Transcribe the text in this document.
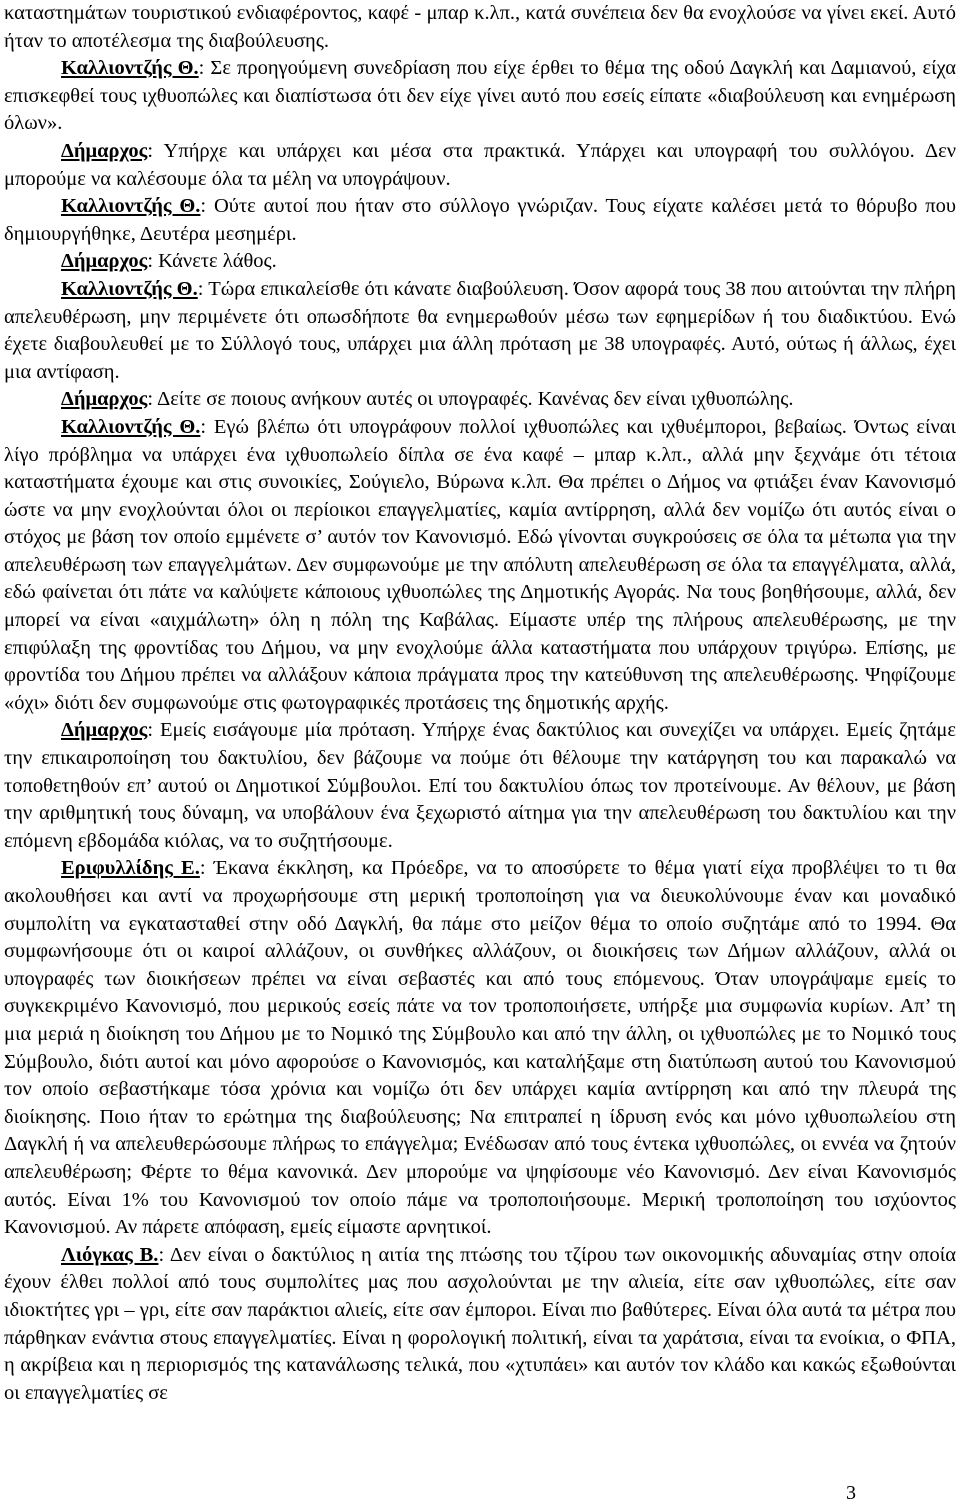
καταστημάτων τουριστικού ενδιαφέροντος, καφέ - μπαρ κ.λπ., κατά συνέπεια δεν θα ενοχλούσε να γίνει εκεί. Αυτό ήταν το αποτέλεσμα της διαβούλευσης.

Καλλιοντζής Θ.: Σε προηγούμενη συνεδρίαση που είχε έρθει το θέμα της οδού Δαγκλή και Δαμιανού, είχα επισκεφθεί τους ιχθυοπώλες και διαπίστωσα ότι δεν είχε γίνει αυτό που εσείς είπατε «διαβούλευση και ενημέρωση όλων».

Δήμαρχος: Υπήρχε και υπάρχει και μέσα στα πρακτικά. Υπάρχει και υπογραφή του συλλόγου. Δεν μπορούμε να καλέσουμε όλα τα μέλη να υπογράψουν.

Καλλιοντζής Θ.: Ούτε αυτοί που ήταν στο σύλλογο γνώριζαν. Τους είχατε καλέσει μετά το θόρυβο που δημιουργήθηκε, Δευτέρα μεσημέρι.

Δήμαρχος: Κάνετε λάθος.

Καλλιοντζής Θ.: Τώρα επικαλείσθε ότι κάνατε διαβούλευση. Όσον αφορά τους 38 που αιτούνται την πλήρη απελευθέρωση, μην περιμένετε ότι οπωσδήποτε θα ενημερωθούν μέσω των εφημερίδων ή του διαδικτύου. Ενώ έχετε διαβουλευθεί με το Σύλλογό τους, υπάρχει μια άλλη πρόταση με 38 υπογραφές. Αυτό, ούτως ή άλλως, έχει μια αντίφαση.

Δήμαρχος: Δείτε σε ποιους ανήκουν αυτές οι υπογραφές. Κανένας δεν είναι ιχθυοπώλης.

Καλλιοντζής Θ.: Εγώ βλέπω ότι υπογράφουν πολλοί ιχθυοπώλες και ιχθυέμποροι, βεβαίως. Όντως είναι λίγο πρόβλημα να υπάρχει ένα ιχθυοπωλείο δίπλα σε ένα καφέ – μπαρ κ.λπ., αλλά μην ξεχνάμε ότι τέτοια καταστήματα έχουμε και στις συνοικίες, Σούγιελο, Βύρωνα κ.λπ. Θα πρέπει ο Δήμος να φτιάξει έναν Κανονισμό ώστε να μην ενοχλούνται όλοι οι περίοικοι επαγγελματίες, καμία αντίρρηση, αλλά δεν νομίζω ότι αυτός είναι ο στόχος με βάση τον οποίο εμμένετε σ’ αυτόν τον Κανονισμό. Εδώ γίνονται συγκρούσεις σε όλα τα μέτωπα για την απελευθέρωση των επαγγελμάτων. Δεν συμφωνούμε με την απόλυτη απελευθέρωση σε όλα τα επαγγέλματα, αλλά, εδώ φαίνεται ότι πάτε να καλύψετε κάποιους ιχθυοπώλες της Δημοτικής Αγοράς. Να τους βοηθήσουμε, αλλά, δεν μπορεί να είναι «αιχμάλωτη» όλη η πόλη της Καβάλας. Είμαστε υπέρ της πλήρους απελευθέρωσης, με την επιφύλαξη της φροντίδας του Δήμου, να μην ενοχλούμε άλλα καταστήματα που υπάρχουν τριγύρω. Επίσης, με φροντίδα του Δήμου πρέπει να αλλάξουν κάποια πράγματα προς την κατεύθυνση της απελευθέρωσης. Ψηφίζουμε «όχι» διότι δεν συμφωνούμε στις φωτογραφικές προτάσεις της δημοτικής αρχής.

Δήμαρχος: Εμείς εισάγουμε μία πρόταση. Υπήρχε ένας δακτύλιος και συνεχίζει να υπάρχει. Εμείς ζητάμε την επικαιροποίηση του δακτυλίου, δεν βάζουμε να πούμε ότι θέλουμε την κατάργηση του και παρακαλώ να τοποθετηθούν επ’ αυτού οι Δημοτικοί Σύμβουλοι. Επί του δακτυλίου όπως τον προτείνουμε. Αν θέλουν, με βάση την αριθμητική τους δύναμη, να υποβάλουν ένα ξεχωριστό αίτημα για την απελευθέρωση του δακτυλίου και την επόμενη εβδομάδα κιόλας, να το συζητήσουμε.

Εριφυλλίδης Ε.: Έκανα έκκληση, κα Πρόεδρε, να το αποσύρετε το θέμα γιατί είχα προβλέψει το τι θα ακολουθήσει και αντί να προχωρήσουμε στη μερική τροποποίηση για να διευκολύνουμε έναν και μοναδικό συμπολίτη να εγκατασταθεί στην οδό Δαγκλή, θα πάμε στο μείζον θέμα το οποίο συζητάμε από το 1994. Θα συμφωνήσουμε ότι οι καιροί αλλάζουν, οι συνθήκες αλλάζουν, οι διοικήσεις των Δήμων αλλάζουν, αλλά οι υπογραφές των διοικήσεων πρέπει να είναι σεβαστές και από τους επόμενους. Όταν υπογράψαμε εμείς το συγκεκριμένο Κανονισμό, που μερικούς εσείς πάτε να τον τροποποιήσετε, υπήρξε μια συμφωνία κυρίων. Απ’ τη μια μεριά η διοίκηση του Δήμου με το Νομικό της Σύμβουλο και από την άλλη, οι ιχθυοπώλες με το Νομικό τους Σύμβουλο, διότι αυτοί και μόνο αφορούσε ο Κανονισμός, και καταλήξαμε στη διατύπωση αυτού του Κανονισμού τον οποίο σεβαστήκαμε τόσα χρόνια και νομίζω ότι δεν υπάρχει καμία αντίρρηση και από την πλευρά της διοίκησης. Ποιο ήταν το ερώτημα της διαβούλευσης; Να επιτραπεί η ίδρυση ενός και μόνο ιχθυοπωλείου στη Δαγκλή ή να απελευθερώσουμε πλήρως το επάγγελμα; Ενέδωσαν από τους έντεκα ιχθυοπώλες, οι εννέα να ζητούν απελευθέρωση; Φέρτε το θέμα κανονικά. Δεν μπορούμε να ψηφίσουμε νέο Κανονισμό. Δεν είναι Κανονισμός αυτός. Είναι 1% του Κανονισμού τον οποίο πάμε να τροποποιήσουμε. Μερική τροποποίηση του ισχύοντος Κανονισμού. Αν πάρετε απόφαση, εμείς είμαστε αρνητικοί.

Λιόγκας Β.: Δεν είναι ο δακτύλιος η αιτία της πτώσης του τζίρου των οικονομικής αδυναμίας στην οποία έχουν έλθει πολλοί από τους συμπολίτες μας που ασχολούνται με την αλιεία, είτε σαν ιχθυοπώλες, είτε σαν ιδιοκτήτες γρι – γρι, είτε σαν παράκτιοι αλιείς, είτε σαν έμποροι. Είναι πιο βαθύτερες. Είναι όλα αυτά τα μέτρα που πάρθηκαν ενάντια στους επαγγελματίες. Είναι η φορολογική πολιτική, είναι τα χαράτσια, είναι τα ενοίκια, ο ΦΠΑ, η ακρίβεια και η περιορισμός της κατανάλωσης τελικά, που «χτυπάει» και αυτόν τον κλάδο και κακώς εξωθούνται οι επαγγελματίες σε

3
